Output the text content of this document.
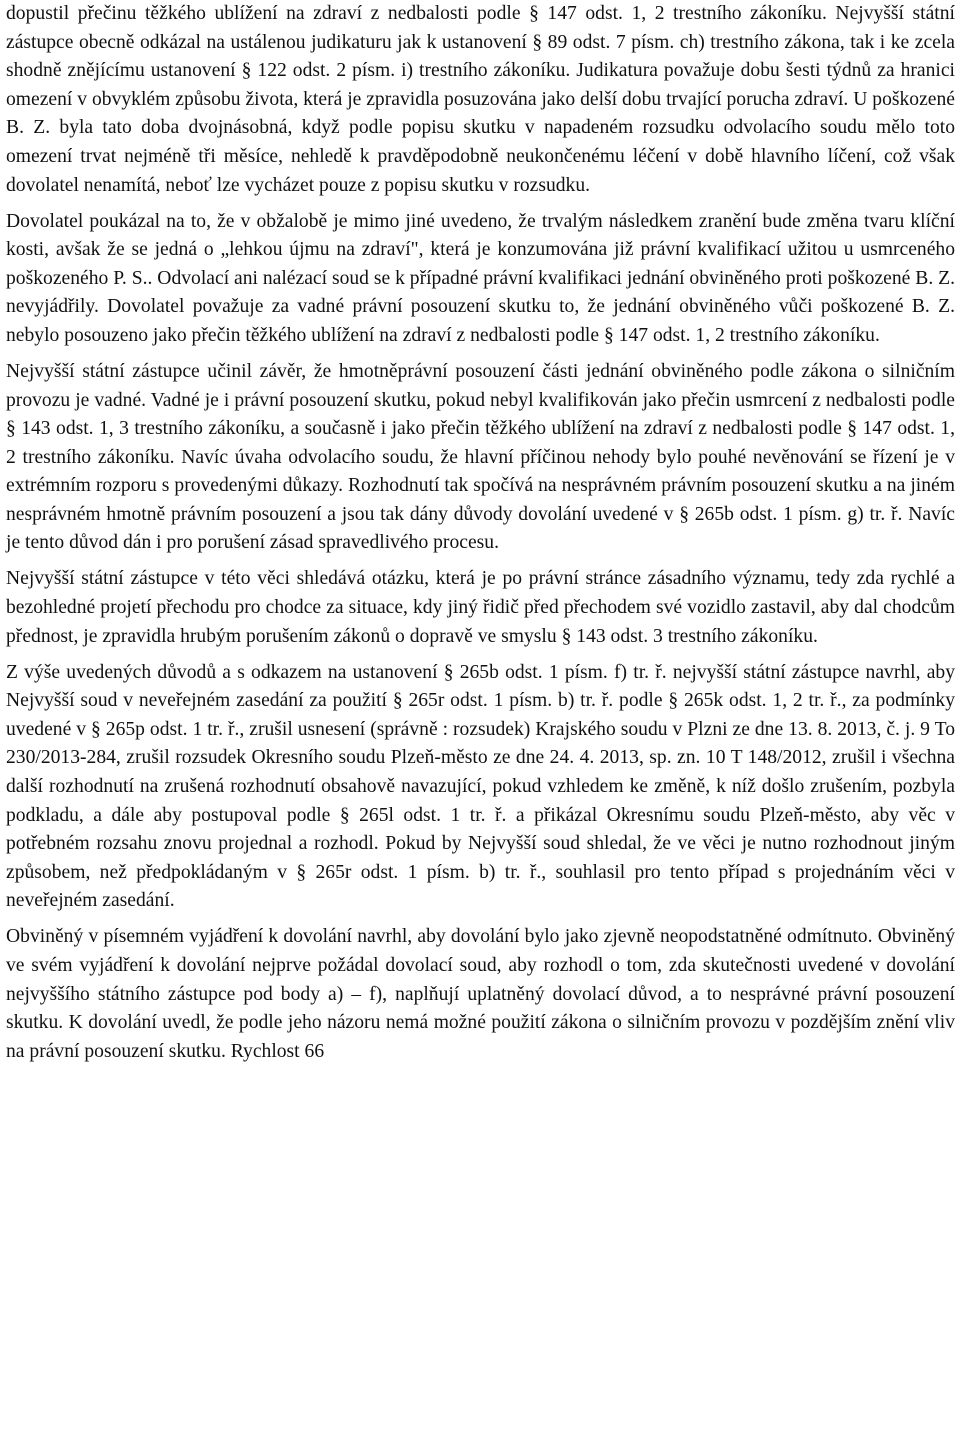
dopustil přečinu těžkého ublížení na zdraví z nedbalosti podle § 147 odst. 1, 2 trestního zákoníku. Nejvyšší státní zástupce obecně odkázal na ustálenou judikaturu jak k ustanovení § 89 odst. 7 písm. ch) trestního zákona, tak i ke zcela shodně znějícímu ustanovení § 122 odst. 2 písm. i) trestního zákoníku. Judikatura považuje dobu šesti týdnů za hranici omezení v obvyklém způsobu života, která je zpravidla posuzována jako delší dobu trvající porucha zdraví. U poškozené B. Z. byla tato doba dvojnásobná, když podle popisu skutku v napadeném rozsudku odvolacího soudu mělo toto omezení trvat nejméně tři měsíce, nehledě k pravděpodobně neukončenému léčení v době hlavního líčení, což však dovolatel nenamítá, neboť lze vycházet pouze z popisu skutku v rozsudku.

Dovolatel poukázal na to, že v obžalobě je mimo jiné uvedeno, že trvalým následkem zranění bude změna tvaru klíční kosti, avšak že se jedná o „lehkou újmu na zdraví", která je konzumována již právní kvalifikací užitou u usmrceného poškozeného P. S.. Odvolací ani nalézací soud se k případné právní kvalifikaci jednání obviněného proti poškozené B. Z. nevyjádřily. Dovolatel považuje za vadné právní posouzení skutku to, že jednání obviněného vůči poškozené B. Z. nebylo posouzeno jako přečin těžkého ublížení na zdraví z nedbalosti podle § 147 odst. 1, 2 trestního zákoníku.

Nejvyšší státní zástupce učinil závěr, že hmotněprávní posouzení části jednání obviněného podle zákona o silničním provozu je vadné. Vadné je i právní posouzení skutku, pokud nebyl kvalifikován jako přečin usmrcení z nedbalosti podle § 143 odst. 1, 3 trestního zákoníku, a současně i jako přečin těžkého ublížení na zdraví z nedbalosti podle § 147 odst. 1, 2 trestního zákoníku. Navíc úvaha odvolacího soudu, že hlavní příčinou nehody bylo pouhé nevěnování se řízení je v extrémním rozporu s provedenými důkazy. Rozhodnutí tak spočívá na nesprávném právním posouzení skutku a na jiném nesprávném hmotně právním posouzení a jsou tak dány důvody dovolání uvedené v § 265b odst. 1 písm. g) tr. ř. Navíc je tento důvod dán i pro porušení zásad spravedlivého procesu.

Nejvyšší státní zástupce v této věci shledává otázku, která je po právní stránce zásadního významu, tedy zda rychlé a bezohledné projetí přechodu pro chodce za situace, kdy jiný řidič před přechodem své vozidlo zastavil, aby dal chodcům přednost, je zpravidla hrubým porušením zákonů o dopravě ve smyslu § 143 odst. 3 trestního zákoníku.

Z výše uvedených důvodů a s odkazem na ustanovení § 265b odst. 1 písm. f) tr. ř. nejvyšší státní zástupce navrhl, aby Nejvyšší soud v neveřejném zasedání za použití § 265r odst. 1 písm. b) tr. ř. podle § 265k odst. 1, 2 tr. ř., za podmínky uvedené v § 265p odst. 1 tr. ř., zrušil usnesení (správně : rozsudek) Krajského soudu v Plzni ze dne 13. 8. 2013, č. j. 9 To 230/2013-284, zrušil rozsudek Okresního soudu Plzeň-město ze dne 24. 4. 2013, sp. zn. 10 T 148/2012, zrušil i všechna další rozhodnutí na zrušená rozhodnutí obsahově navazující, pokud vzhledem ke změně, k níž došlo zrušením, pozbyla podkladu, a dále aby postupoval podle § 265l odst. 1 tr. ř. a přikázal Okresnímu soudu Plzeň-město, aby věc v potřebném rozsahu znovu projednal a rozhodl. Pokud by Nejvyšší soud shledal, že ve věci je nutno rozhodnout jiným způsobem, než předpokládaným v § 265r odst. 1 písm. b) tr. ř., souhlasil pro tento případ s projednáním věci v neveřejném zasedání.

Obviněný v písemném vyjádření k dovolání navrhl, aby dovolání bylo jako zjevně neopodstatněné odmítnuto. Obviněný ve svém vyjádření k dovolání nejprve požádal dovolací soud, aby rozhodl o tom, zda skutečnosti uvedené v dovolání nejvyššího státního zástupce pod body a) – f), naplňují uplatněný dovolací důvod, a to nesprávné právní posouzení skutku. K dovolání uvedl, že podle jeho názoru nemá možné použití zákona o silničním provozu v pozdějším znění vliv na právní posouzení skutku. Rychlost 66
